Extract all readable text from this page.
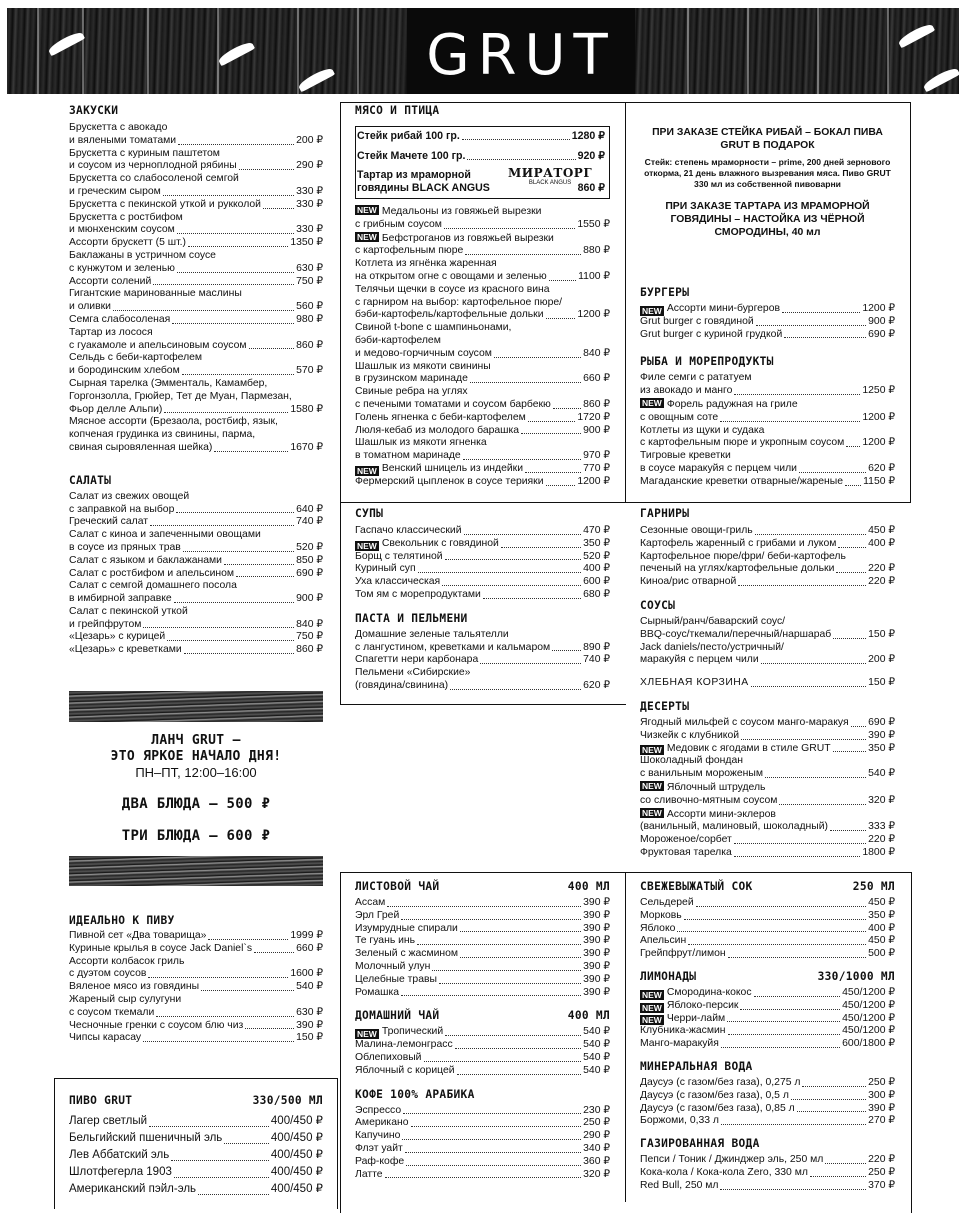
GRUT
ЗАКУСКИ
Брускетта с авокадо
и вялеными томатами	200 ₽
Брускетта с куриным паштетом
и соусом из черноплодной рябины	290 ₽
Брускетта со слабосоленой семгой
и греческим сыром	330 ₽
Брускетта с пекинской уткой и рукколой	330 ₽
Брускетта с ростбифом
и мюнхенским соусом	330 ₽
Ассорти брускетт (5 шт.)	1350 ₽
Баклажаны в устричном соусе
с кунжутом и зеленью	630 ₽
Ассорти солений	750 ₽
Гигантские маринованные маслины
и оливки	560 ₽
Семга слабосоленая	980 ₽
Тартар из лосося
с гуакамоле и апельсиновым соусом	860 ₽
Сельдь с беби-картофелем
и бородинским хлебом	570 ₽
Сырная тарелка (Эмменталь, Камамбер,
Горгонзолла, Грюйер, Тет де Муан, Пармезан,
Фьор делле Альпи)	1580 ₽
Мясное ассорти (Брезаола, ростбиф, язык,
копченая грудинка из свинины, парма,
свиная сыровяленная шейка)	1670 ₽
САЛАТЫ
Салат из свежих овощей
с заправкой на выбор	640 ₽
Греческий салат	740 ₽
Салат с киноа и запеченными овощами
в соусе из пряных трав	520 ₽
Салат с языком и баклажанами	850 ₽
Салат с ростбифом и апельсином	690 ₽
Салат с семгой домашнего посола
в имбирной заправке	900 ₽
Салат с пекинской уткой
и грейпфрутом	840 ₽
«Цезарь» с курицей	750 ₽
«Цезарь» с креветками	860 ₽
ЛАНЧ GRUT –
ЭТО ЯРКОЕ НАЧАЛО ДНЯ!
ПН–ПТ, 12:00–16:00
ДВА БЛЮДА – 500 ₽
ТРИ БЛЮДА – 600 ₽
ИДЕАЛЬНО К ПИВУ
Пивной сет «Два товарища»	1999 ₽
Куриные крылья в соусе Jack Daniel`s	660 ₽
Ассорти колбасок гриль
с дуэтом соусов	1600 ₽
Вяленое мясо из говядины	540 ₽
Жареный сыр сулугуни
с соусом ткемали	630 ₽
Чесночные гренки с соусом блю чиз	390 ₽
Чипсы карасау	150 ₽
ПИВО GRUT	330/500 МЛ
Лагер светлый	400/450 ₽
Бельгийский пшеничный эль	400/450 ₽
Лев Аббатский эль	400/450 ₽
Шлотфегерла 1903	400/450 ₽
Американский пэйл-эль	400/450 ₽
МЯСО И ПТИЦА
Стейк рибай 100 гр.	1280 ₽
Стейк Мачете 100 гр.	920 ₽
Тартар из мраморной
говядины BLACK ANGUS	860 ₽
МИРАТОРГ
BLACK ANGUS
NEW Медальоны из говяжьей вырезки
с грибным соусом	1550 ₽
NEW Бефстроганов из говяжьей вырезки
с картофельным пюре	880 ₽
Котлета из ягнёнка жаренная
на открытом огне с овощами и зеленью	1100 ₽
Телячьи щечки в соусе из красного вина
с гарниром на выбор: картофельное пюре/
бэби-картофель/картофельные дольки	1200 ₽
Свиной t-bone с шампиньонами,
бэби-картофелем
и медово-горчичным соусом	840 ₽
Шашлык из мякоти свинины
в грузинском маринаде	660 ₽
Свиные ребра на углях
с печеными томатами и соусом барбекю	860 ₽
Голень ягненка с беби-картофелем	1720 ₽
Люля-кебаб из молодого барашка	900 ₽
Шашлык из мякоти ягненка
в томатном маринаде	970 ₽
NEW Венский шницель из индейки	770 ₽
Фермерский цыпленок в соусе терияки	1200 ₽
СУПЫ
Гаспачо классический	470 ₽
NEW Свекольник с говядиной	350 ₽
Борщ с телятиной	520 ₽
Куриный суп	400 ₽
Уха классическая	600 ₽
Том ям с морепродуктами	680 ₽
ПАСТА И ПЕЛЬМЕНИ
Домашние зеленые тальятелли
с лангустином, креветками и кальмаром	890 ₽
Спагетти нери карбонара	740 ₽
Пельмени «Сибирские»
(говядина/свинина)	620 ₽
ПРИ ЗАКАЗЕ СТЕЙКА РИБАЙ – БОКАЛ ПИВА
GRUT В ПОДАРОК
Стейк: степень мраморности – prime, 200 дней зернового
откорма, 21 день влажного вызревания мяса. Пиво GRUT
330 мл из собственной пивоварни
ПРИ ЗАКАЗЕ ТАРТАРА ИЗ МРАМОРНОЙ
ГОВЯДИНЫ – НАСТОЙКА ИЗ ЧЁРНОЙ
СМОРОДИНЫ, 40 мл
БУРГЕРЫ
NEW Ассорти мини-бургеров	1200 ₽
Grut burger с говядиной	900 ₽
Grut burger с куриной грудкой	690 ₽
РЫБА И МОРЕПРОДУКТЫ
Филе семги с рататуем
из авокадо и манго	1250 ₽
NEW Форель радужная на гриле
с овощным соте	1200 ₽
Котлеты из щуки и судака
с картофельным пюре и укропным соусом 1200 ₽
Тигровые креветки
в соусе маракуйя с перцем чили	620 ₽
Магаданские креветки отварные/жареные 1150 ₽
ГАРНИРЫ
Сезонные овощи-гриль	450 ₽
Картофель жаренный с грибами и луком	400 ₽
Картофельное пюре/фри/ беби-картофель
печеный на углях/картофельные дольки	220 ₽
Киноа/рис отварной	220 ₽
СОУСЫ
Сырный/ранч/баварский соус/
BBQ-соус/ткемали/перечный/наршараб	150 ₽
Jack daniels/песто/устричный/
маракуйя с перцем чили	200 ₽
ХЛЕБНАЯ КОРЗИНА	150 ₽
ДЕСЕРТЫ
Ягодный мильфей с соусом манго-маракуя 690 ₽
Чизкейк с клубникой	390 ₽
NEW Медовик с ягодами в стиле GRUT	350 ₽
Шоколадный фондан
с ванильным мороженым	540 ₽
NEW Яблочный штрудель
со сливочно-мятным соусом	320 ₽
NEW Ассорти мини-эклеров
(ванильный, малиновый, шоколадный)	333 ₽
Мороженое/сорбет	220 ₽
Фруктовая тарелка	1800 ₽
ЛИСТОВОЙ ЧАЙ	400 МЛ
Ассам	390 ₽
Эрл Грей	390 ₽
Изумрудные спирали	390 ₽
Те гуань инь	390 ₽
Зеленый с жасмином	390 ₽
Молочный улун	390 ₽
Целебные травы	390 ₽
Ромашка	390 ₽
ДОМАШНИЙ ЧАЙ	400 МЛ
NEW Тропический	540 ₽
Малина-лемонграсс	540 ₽
Облепиховый	540 ₽
Яблочный с корицей	540 ₽
КОФЕ 100% АРАБИКА
Эспрессо	230 ₽
Американо	250 ₽
Капучино	290 ₽
Флэт уайт	340 ₽
Раф-кофе	360 ₽
Латте	320 ₽
СВЕЖЕВЫЖАТЫЙ СОК	250 МЛ
Сельдерей	450 ₽
Морковь	350 ₽
Яблоко	400 ₽
Апельсин	450 ₽
Грейпфрут/лимон	500 ₽
ЛИМОНАДЫ	330/1000 МЛ
NEW Смородина-кокос	450/1200 ₽
NEW Яблоко-персик	450/1200 ₽
NEW Черри-лайм	450/1200 ₽
Клубника-жасмин	450/1200 ₽
Манго-маракуйя	600/1800 ₽
МИНЕРАЛЬНАЯ ВОДА
Даусуэ (с газом/без газа), 0,275 л	250 ₽
Даусуэ (с газом/без газа), 0,5 л	300 ₽
Даусуэ (с газом/без газа), 0,85 л	390 ₽
Боржоми, 0,33 л	270 ₽
ГАЗИРОВАННАЯ ВОДА
Пепси / Тоник / Джинджер эль, 250 мл	220 ₽
Кока-кола / Кока-кола Zero, 330 мл	250 ₽
Red Bull, 250 мл	370 ₽
